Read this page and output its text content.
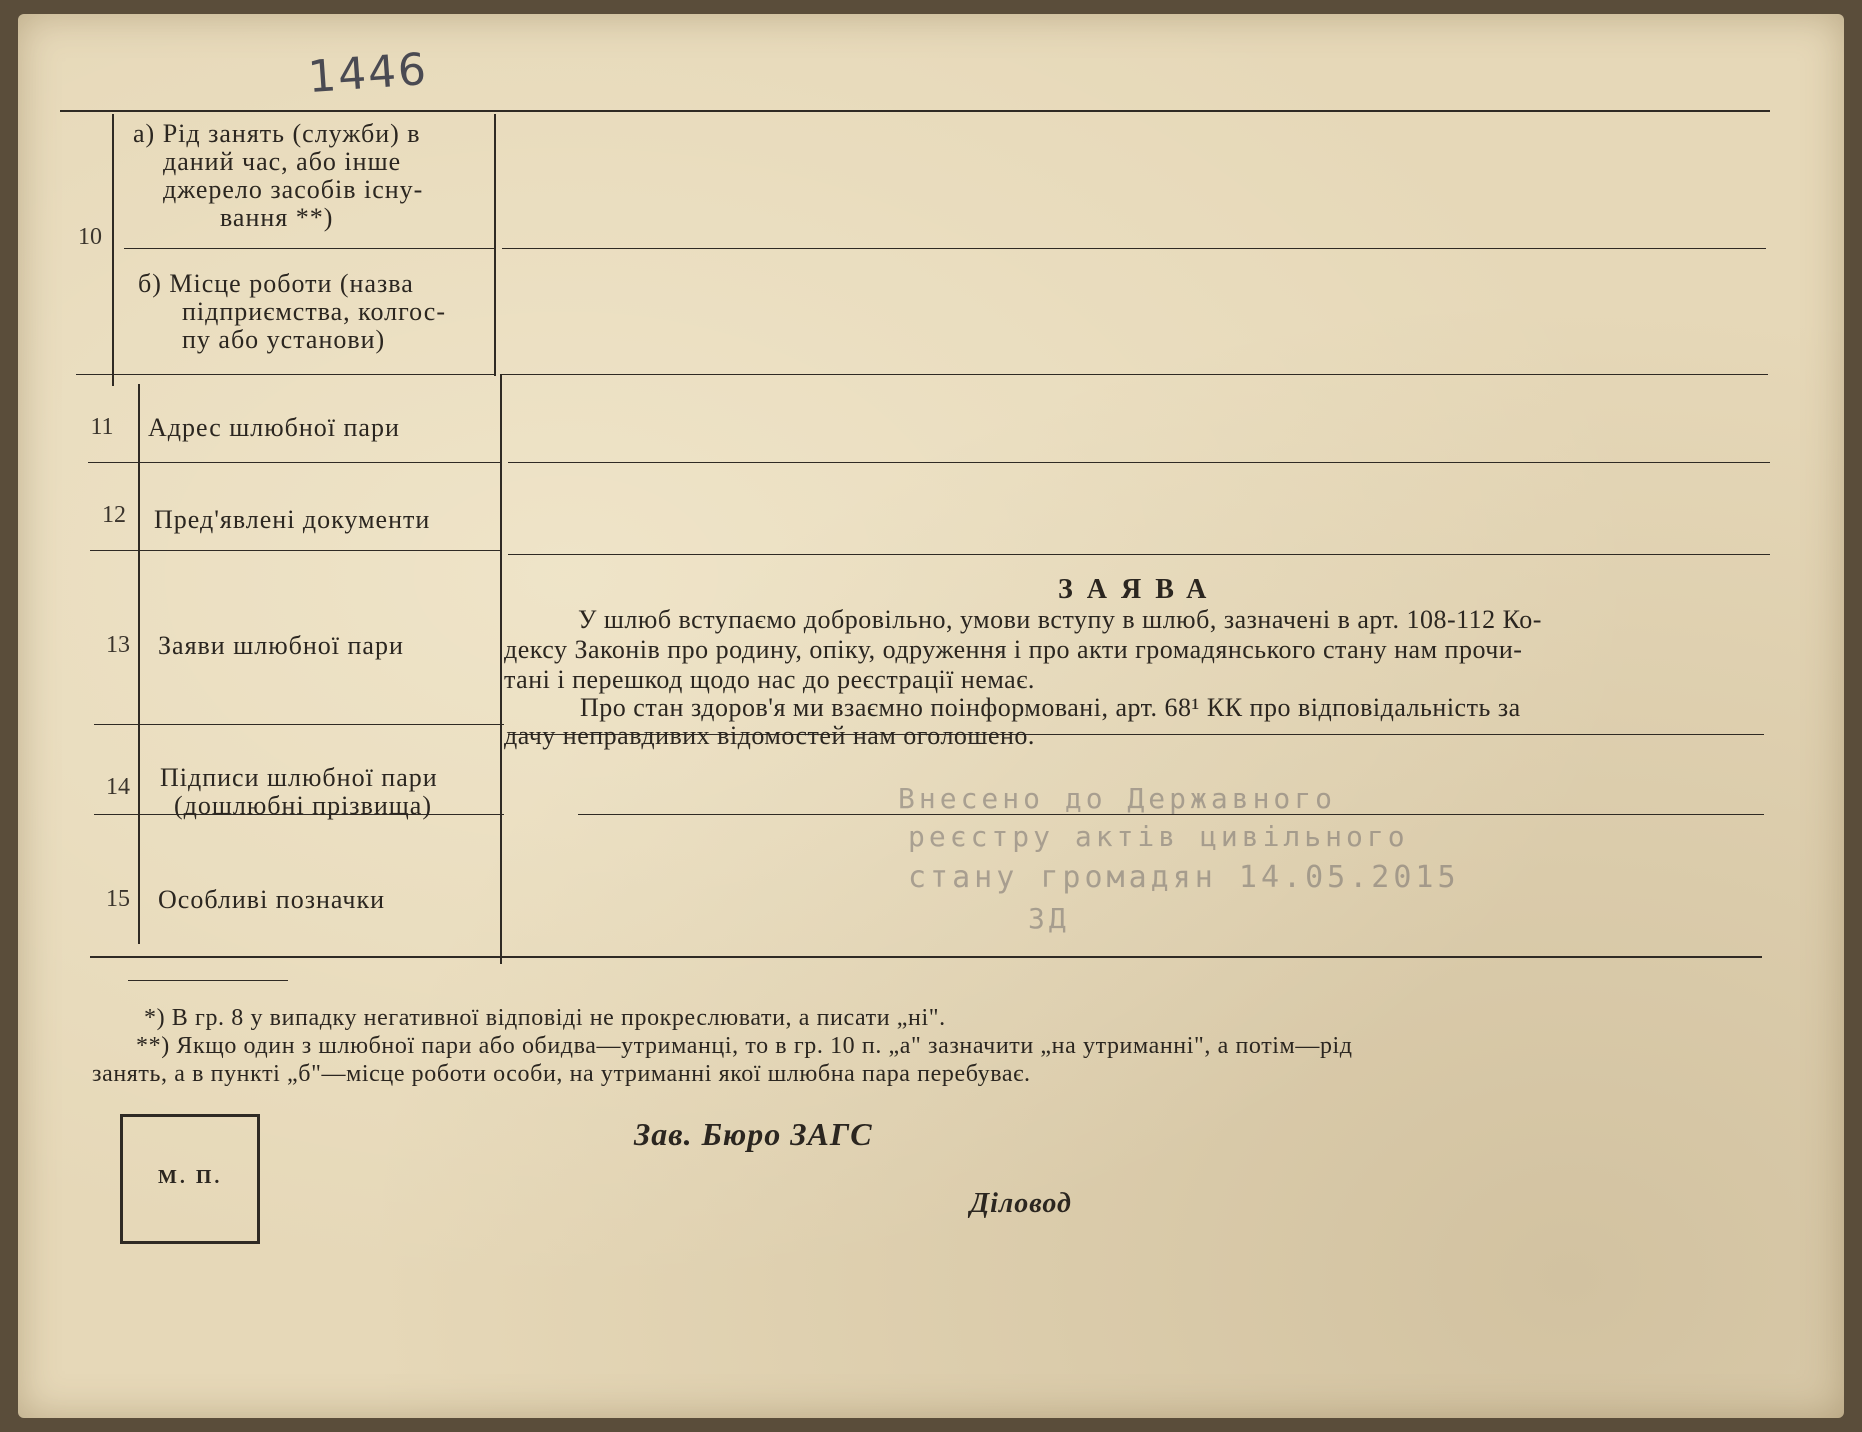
1446
10
а) Рід занять (служби) в
даний час, або інше
джерело засобів існу-
вання **)
б) Місце роботи (назва
підприємства, колгос-
пу або установи)
11	Адрес шлюбної пари
12	Пред'явлені документи
13	Заяви шлюбної пари
ЗАЯВА
У шлюб вступаємо добровільно, умови вступу в шлюб, зазначені в арт. 108-112 Ко-
дексу Законів про родину, опіку, одруження і про акти громадянського стану нам прочи-
тані і перешкод щодо нас до реєстрації немає.
Про стан здоров'я ми взаємно поінформовані, арт. 68¹ КК про відповідальність за
дачу неправдивих відомостей нам оголошено.
14	Підписи шлюбної пари
(дошлюбні прізвища)
15	Особливі позначки
Внесено до Державного
реєстру актів цивільного
стану громадян 14.05.2015
ЗД
*) В гр. 8 у випадку негативної відповіді не прокреслювати, а писати „ні".
**) Якщо один з шлюбної пари або обидва—утриманці, то в гр. 10 п. „а" зазначити „на утриманні", а потім—рід
занять, а в пункті „б"—місце роботи особи, на утриманні якої шлюбна пара перебуває.
М. П.
Зав. Бюро ЗАГС
Діловод
